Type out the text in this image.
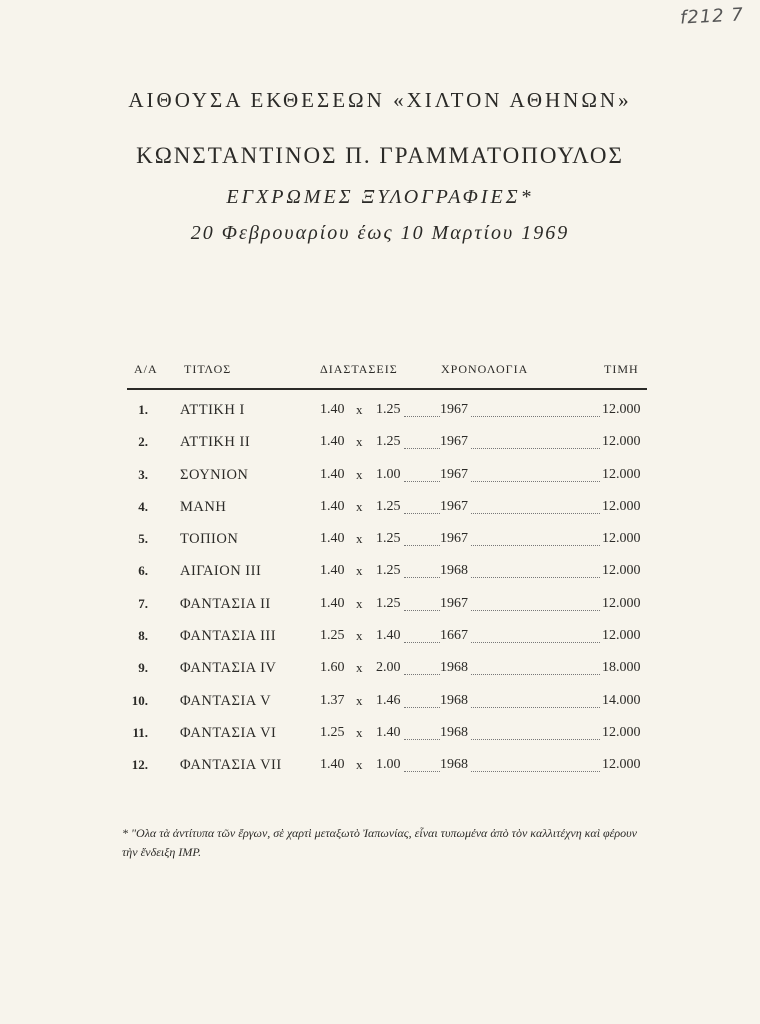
f212 7
ΑΙΘΟΥΣΑ ΕΚΘΕΣΕΩΝ «ΧΙΛΤΟΝ ΑΘΗΝΩΝ»
ΚΩΝΣΤΑΝΤΙΝΟΣ Π. ΓΡΑΜΜΑΤΟΠΟΥΛΟΣ
ΕΓΧΡΩΜΕΣ ΞΥΛΟΓΡΑΦΙΕΣ*
20 Φεβρουαρίου έως 10 Μαρτίου 1969
Α/Α ΤΙΤΛΟΣ	ΔΙΑΣΤΑΣΕΙΣ	ΧΡΟΝΟΛΟΓΙΑ	ΤΙΜΗ
1. ΑΤΤΙΚΗ Ι	1.40 x 1.25	1967	12.000
2. ΑΤΤΙΚΗ ΙΙ	1.40 x 1.25	1967	12.000
3. ΣΟΥΝΙΟΝ	1.40 x 1.00	1967	12.000
4. ΜΑΝΗ	1.40 x 1.25	1967	12.000
5. ΤΟΠΙΟΝ	1.40 x 1.25	1967	12.000
6. ΑΙΓΑΙΟΝ ΙΙΙ	1.40 x 1.25	1968	12.000
7. ΦΑΝΤΑΣΙΑ ΙΙ	1.40 x 1.25	1967	12.000
8. ΦΑΝΤΑΣΙΑ ΙΙΙ	1.25 x 1.40	1667	12.000
9. ΦΑΝΤΑΣΙΑ IV	1.60 x 2.00	1968	18.000
10. ΦΑΝΤΑΣΙΑ V	1.37 x 1.46	1968	14.000
11. ΦΑΝΤΑΣΙΑ VI	1.25 x 1.40	1968	12.000
12. ΦΑΝΤΑΣΙΑ VII	1.40 x 1.00	1968	12.000
* "Ολα τὰ ἀντίτυπα τῶν ἔργων, σὲ χαρτὶ μεταξωτὸ Ἰαπωνίας, εἶναι τυπωμένα ἀπὸ τὸν καλλιτέχνη καὶ φέρουν τὴν ἔνδειξη IMP.
